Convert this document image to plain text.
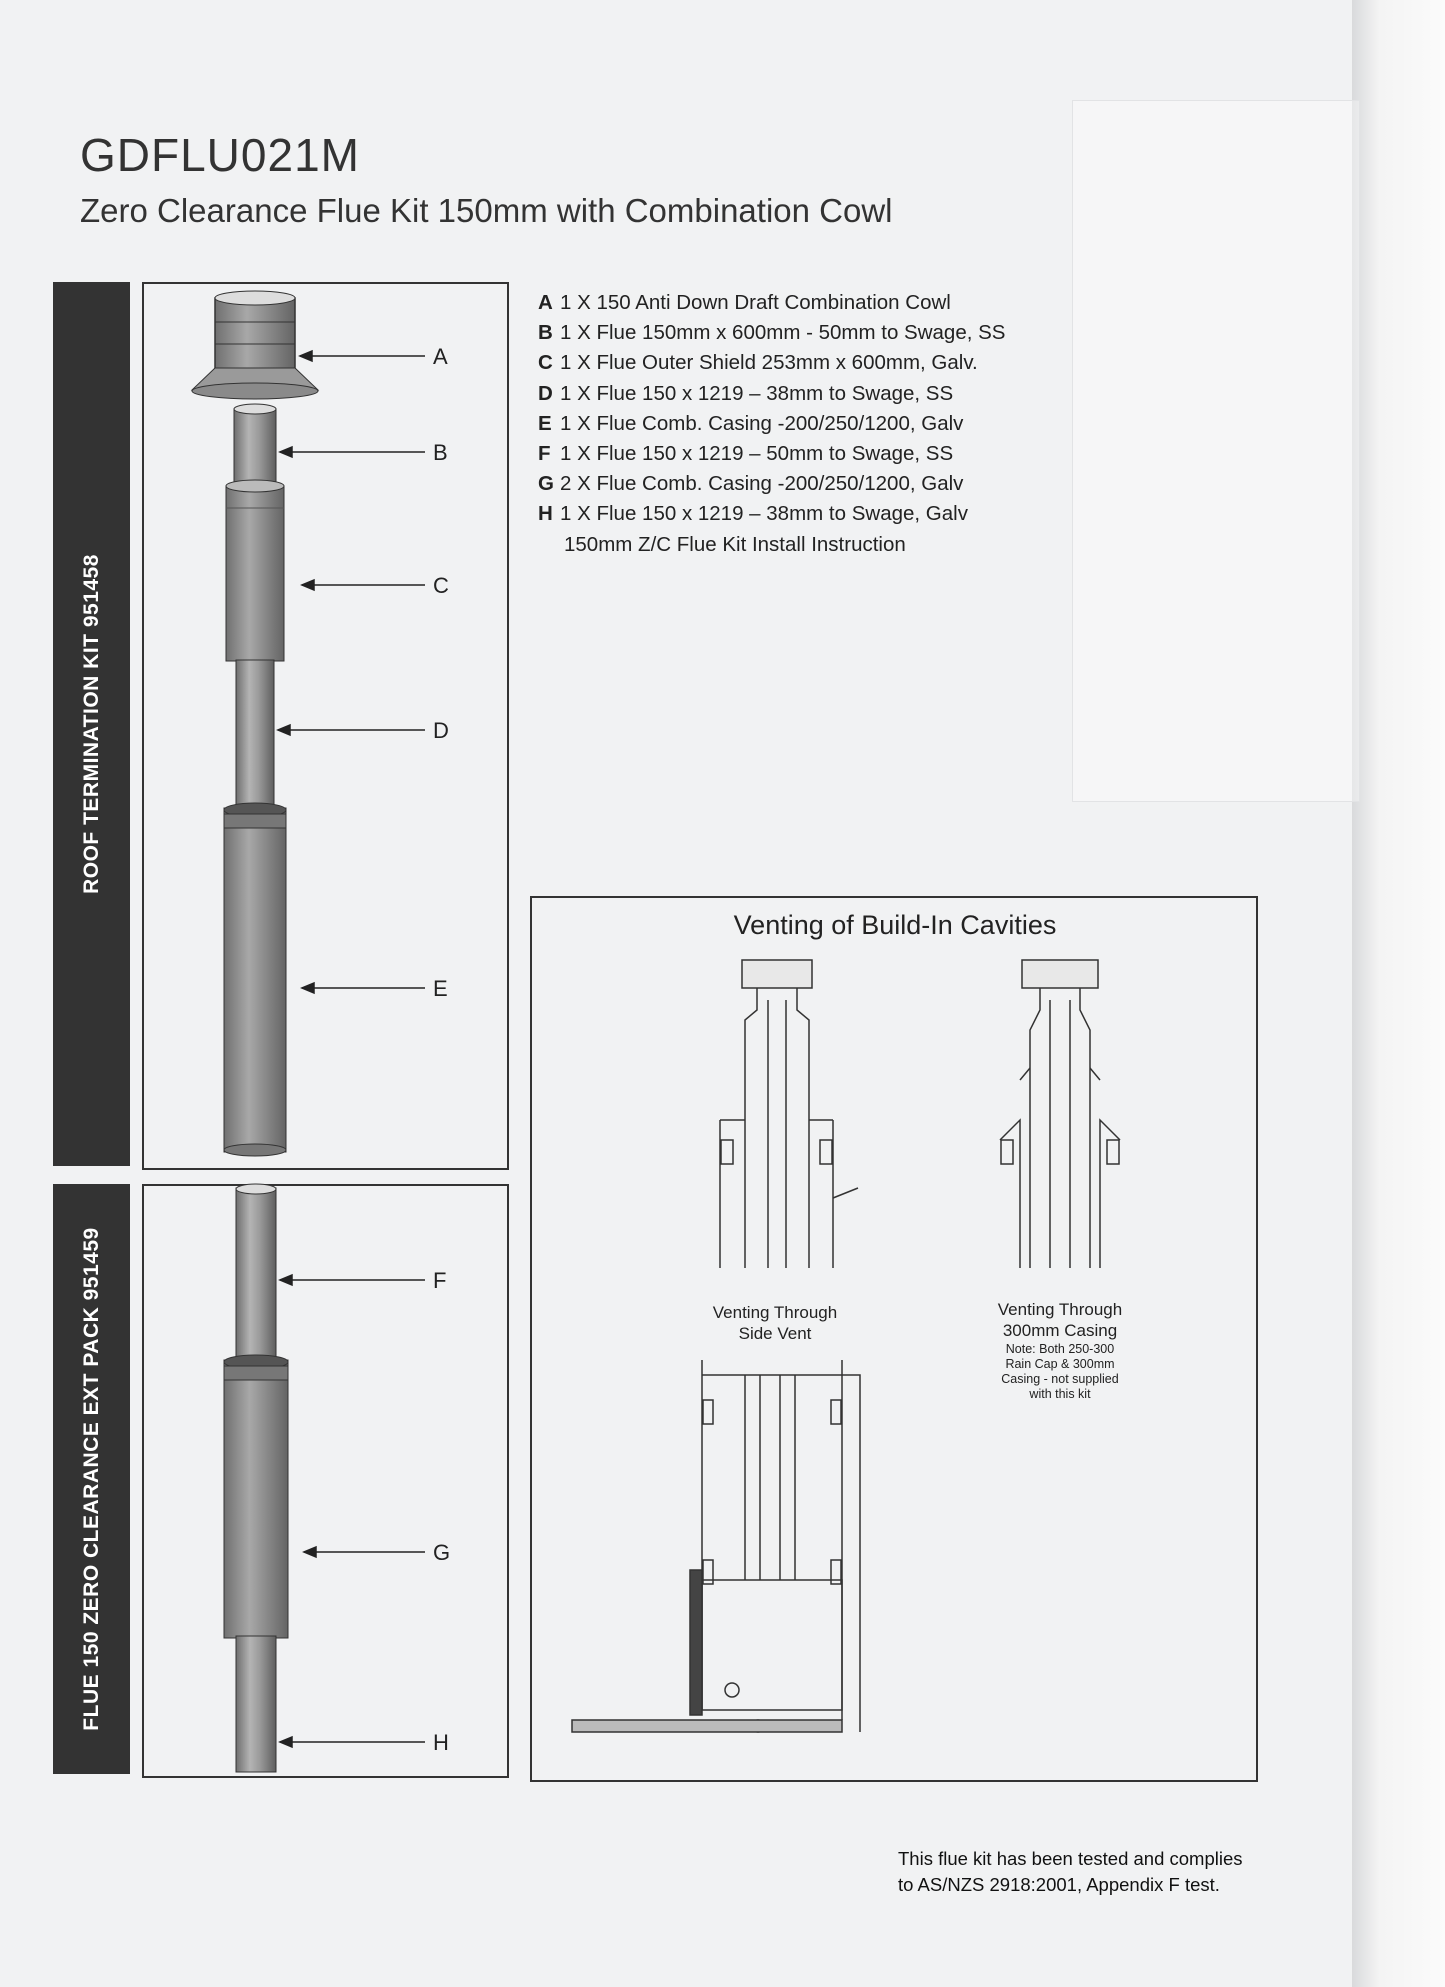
GDFLU021M
Zero Clearance Flue Kit 150mm with Combination Cowl
ROOF TERMINATION KIT 951458
FLUE 150 ZERO CLEARANCE EXT PACK 951459
A 1 X 150 Anti Down Draft Combination Cowl
B 1 X Flue 150mm x 600mm - 50mm to Swage, SS
C 1 X Flue Outer Shield 253mm x 600mm, Galv.
D 1 X Flue 150 x 1219 – 38mm to Swage, SS
E 1 X Flue Comb. Casing -200/250/1200, Galv
F 1 X Flue 150 x 1219 – 50mm to Swage, SS
G 2 X Flue Comb. Casing -200/250/1200, Galv
H 1 X Flue 150 x 1219 – 38mm to Swage, Galv
150mm Z/C Flue Kit Install Instruction
A
B
C
D
E
F
G
H
Venting of Build-In Cavities
Venting Through
Side Vent
Venting Through
300mm Casing
Note: Both 250-300
Rain Cap & 300mm
Casing - not supplied
with this kit
This flue kit has been tested and complies
to AS/NZS 2918:2001, Appendix F test.
